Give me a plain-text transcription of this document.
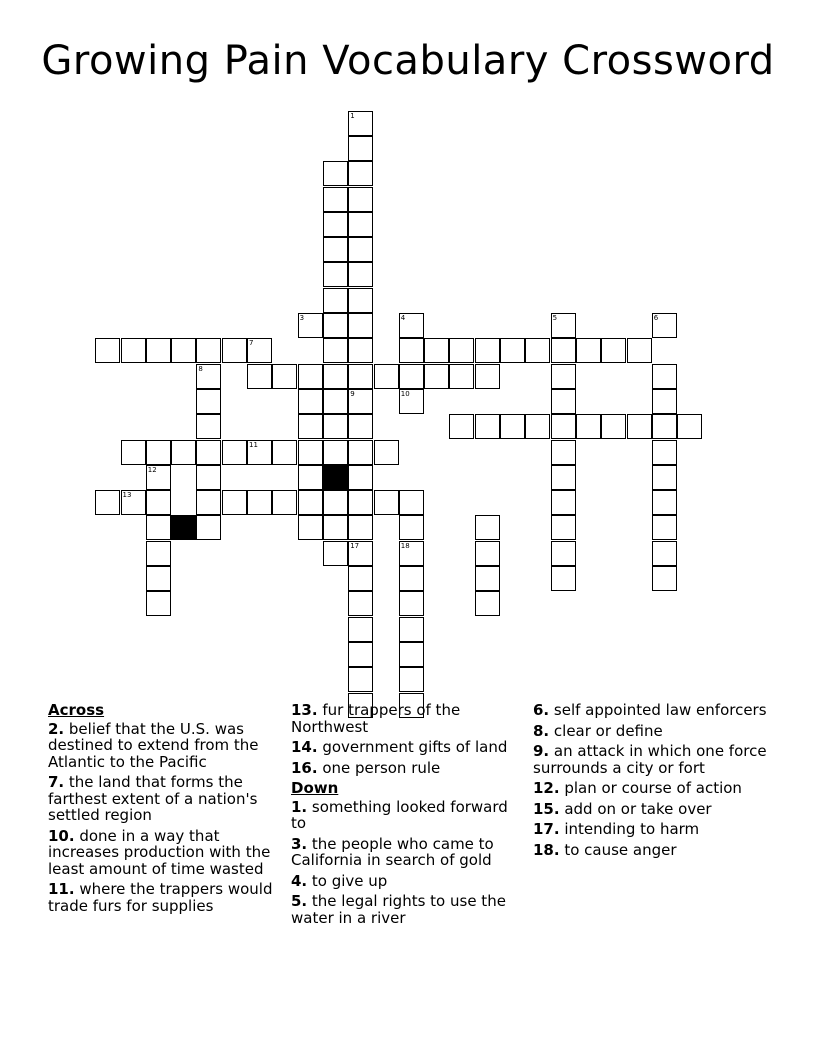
Growing Pain Vocabulary Crossword
7
11
13
1
3	4
10
5	6
8
9
12
17	18
Across
2. belief that the U.S. was destined to extend from the Atlantic to the Pacific
7. the land that forms the farthest extent of a nation's settled region
10. done in a way that increases production with the least amount of time wasted
11. where the trappers would trade furs for supplies
13. fur trappers of the Northwest
14. government gifts of land
16. one person rule
Down
1. something looked forward to
3. the people who came to California in search of gold
4. to give up
5. the legal rights to use the water in a river
6. self appointed law enforcers
8. clear or define
9. an attack in which one force surrounds a city or fort
12. plan or course of action
15. add on or take over
17. intending to harm
18. to cause anger
